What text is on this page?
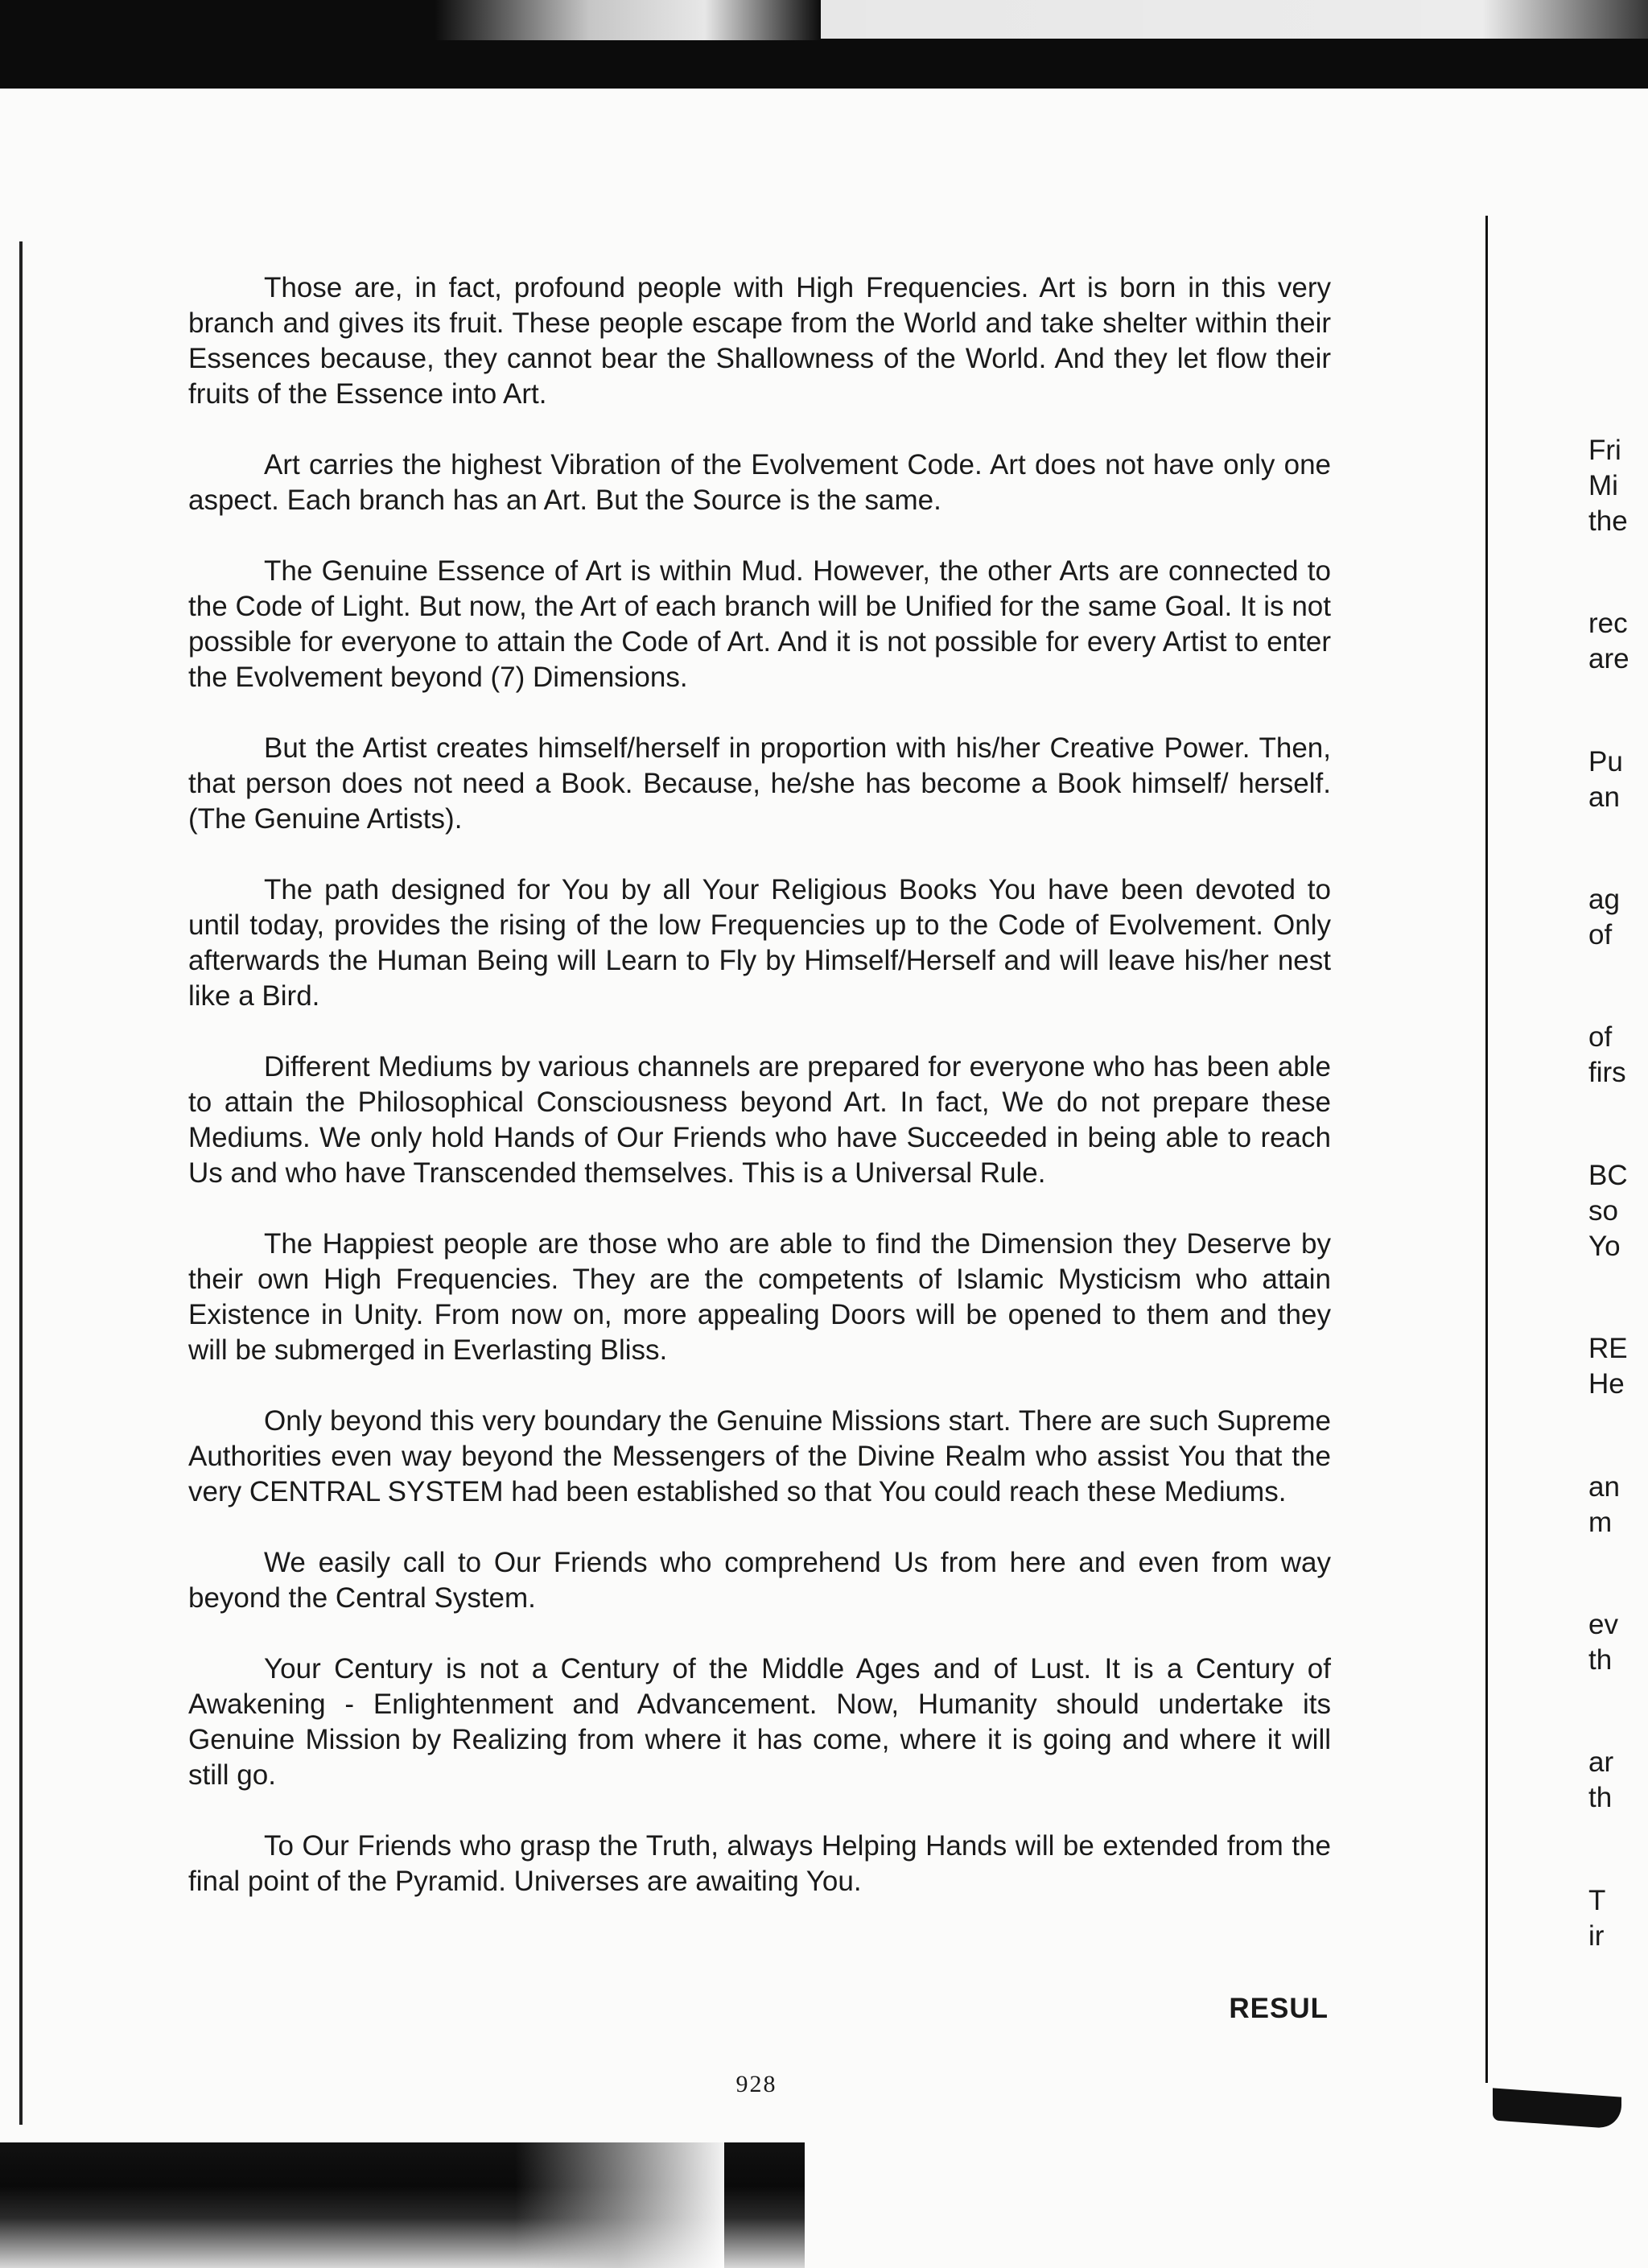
Those are, in fact, profound people with High Frequencies. Art is born in this very branch and gives its fruit. These people escape from the World and take shelter within their Essences because, they cannot bear the Shallowness of the World. And they let flow their fruits of the Essence into Art.

Art carries the highest Vibration of the Evolvement Code. Art does not have only one aspect. Each branch has an Art. But the Source is the same.

The Genuine Essence of Art is within Mud. However, the other Arts are connected to the Code of Light. But now, the Art of each branch will be Unified for the same Goal. It is not possible for everyone to attain the Code of Art. And it is not possible for every Artist to enter the Evolvement beyond (7) Dimensions.

But the Artist creates himself/herself in proportion with his/her Creative Power. Then, that person does not need a Book. Because, he/she has become a Book himself/ herself. (The Genuine Artists).

The path designed for You by all Your Religious Books You have been devoted to until today, provides the rising of the low Frequencies up to the Code of Evolvement. Only afterwards the Human Being will Learn to Fly by Himself/Herself and will leave his/her nest like a Bird.

Different Mediums by various channels are prepared for everyone who has been able to attain the Philosophical Consciousness beyond Art. In fact, We do not prepare these Mediums. We only hold Hands of Our Friends who have Succeeded in being able to reach Us and who have Transcended themselves. This is a Universal Rule.

The Happiest people are those who are able to find the Dimension they Deserve by their own High Frequencies. They are the competents of Islamic Mysticism who attain Existence in Unity. From now on, more appealing Doors will be opened to them and they will be submerged in Everlasting Bliss.

Only beyond this very boundary the Genuine Missions start. There are such Supreme Authorities even way beyond the Messengers of the Divine Realm who assist You that the very CENTRAL SYSTEM had been established so that You could reach these Mediums.

We easily call to Our Friends who comprehend Us from here and even from way beyond the Central System.

Your Century is not a Century of the Middle Ages and of Lust. It is a Century of Awakening - Enlightenment and Advancement. Now, Humanity should undertake its Genuine Mission by Realizing from where it has come, where it is going and where it will still go.

To Our Friends who grasp the Truth, always Helping Hands will be extended from the final point of the Pyramid. Universes are awaiting You.

RESUL
928
Fri
Mi
the
rec
are
Pu
an
ag
of
of
firs
BC
so
Yo
RE
He
an
m
ev
th
ar
th
T
ir
